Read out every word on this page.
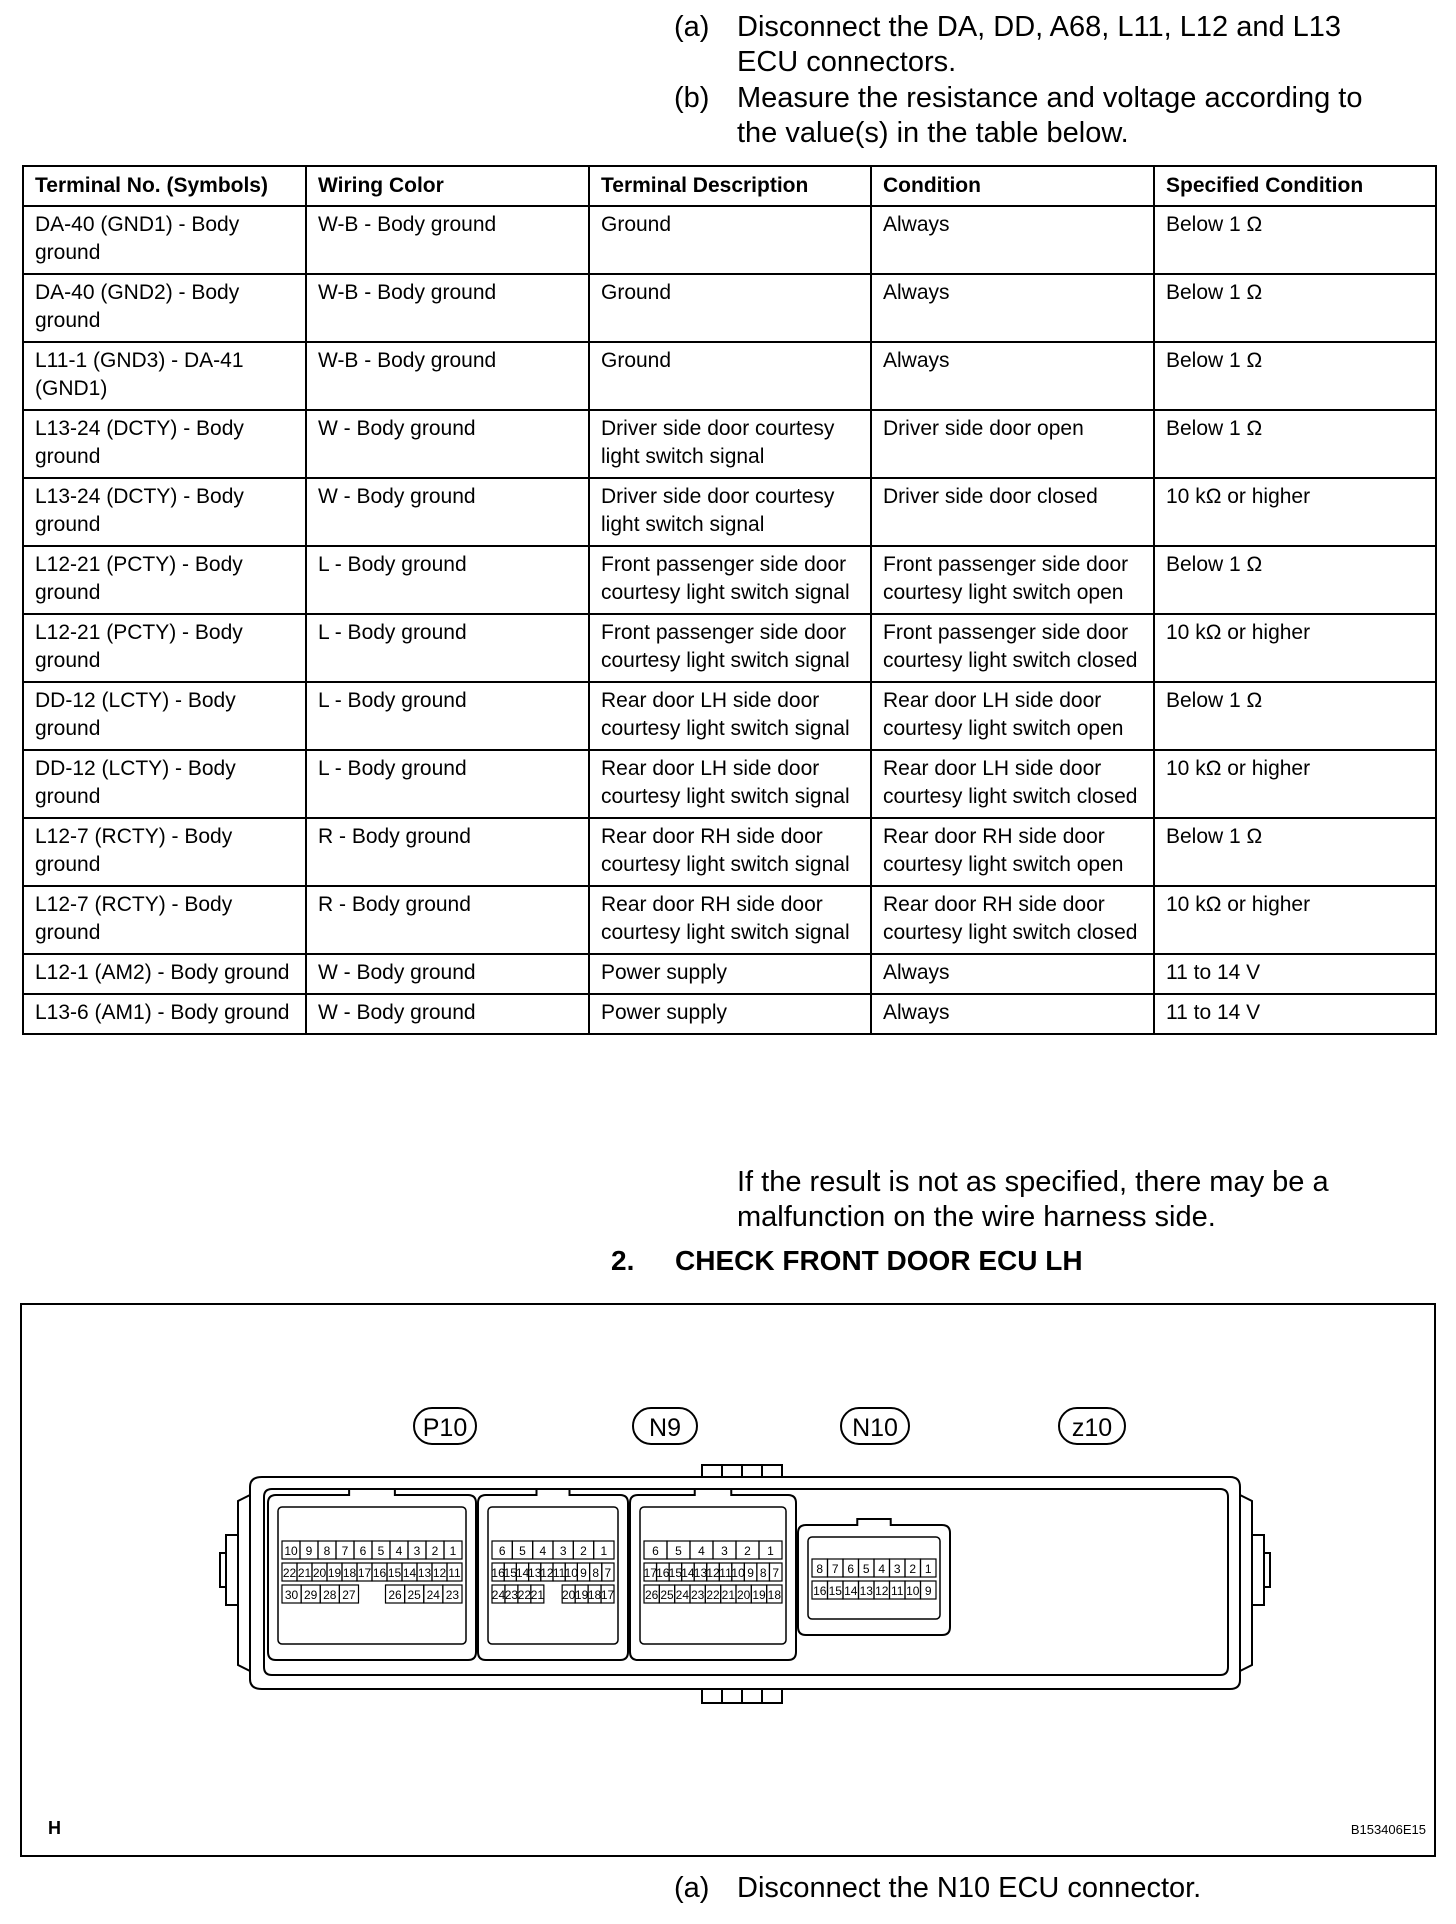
(a) Disconnect the DA, DD, A68, L11, L12 and L13
ECU connectors.
(b) Measure the resistance and voltage according to
the value(s) in the table below.
Terminal No. (Symbols)	Wiring Color	Terminal Description	Condition	Specified Condition
DA-40 (GND1) - Body ground	W-B - Body ground	Ground	Always	Below 1 Ω
DA-40 (GND2) - Body ground	W-B - Body ground	Ground	Always	Below 1 Ω
L11-1 (GND3) - DA-41 (GND1)	W-B - Body ground	Ground	Always	Below 1 Ω
L13-24 (DCTY) - Body ground	W - Body ground	Driver side door courtesy light switch signal	Driver side door open	Below 1 Ω
L13-24 (DCTY) - Body ground	W - Body ground	Driver side door courtesy light switch signal	Driver side door closed	10 kΩ or higher
L12-21 (PCTY) - Body ground	L - Body ground	Front passenger side door courtesy light switch signal	Front passenger side door courtesy light switch open	Below 1 Ω
L12-21 (PCTY) - Body ground	L - Body ground	Front passenger side door courtesy light switch signal	Front passenger side door courtesy light switch closed	10 kΩ or higher
DD-12 (LCTY) - Body ground	L - Body ground	Rear door LH side door courtesy light switch signal	Rear door LH side door courtesy light switch open	Below 1 Ω
DD-12 (LCTY) - Body ground	L - Body ground	Rear door LH side door courtesy light switch signal	Rear door LH side door courtesy light switch closed	10 kΩ or higher
L12-7 (RCTY) - Body ground	R - Body ground	Rear door RH side door courtesy light switch signal	Rear door RH side door courtesy light switch open	Below 1 Ω
L12-7 (RCTY) - Body ground	R - Body ground	Rear door RH side door courtesy light switch signal	Rear door RH side door courtesy light switch closed	10 kΩ or higher
L12-1 (AM2) - Body ground	W - Body ground	Power supply	Always	11 to 14 V
L13-6 (AM1) - Body ground	W - Body ground	Power supply	Always	11 to 14 V
If the result is not as specified, there may be a
malfunction on the wire harness side.
2. CHECK FRONT DOOR ECU LH
P10	N9	N10	z10
10 9 8 7 6 5 4 3 2 1
22 21 20 19 18 17 16 15 14 13 12 11
30 29 28 27	26 25 24 23
6 5 4 3 2 1
16
15
14
13
12 11 10 9 8 7
24 23 22 21 20 19 18 17
6 5 4 3 2 1
17 16 15 14 13 12 11 10 9 8 7
26 25 24 23 22 21 20 19 18
8 7 6 5 4 3 2 1
16 15 14 13 12 11 10 9
H	B153406E15
(a) Disconnect the N10 ECU connector.
